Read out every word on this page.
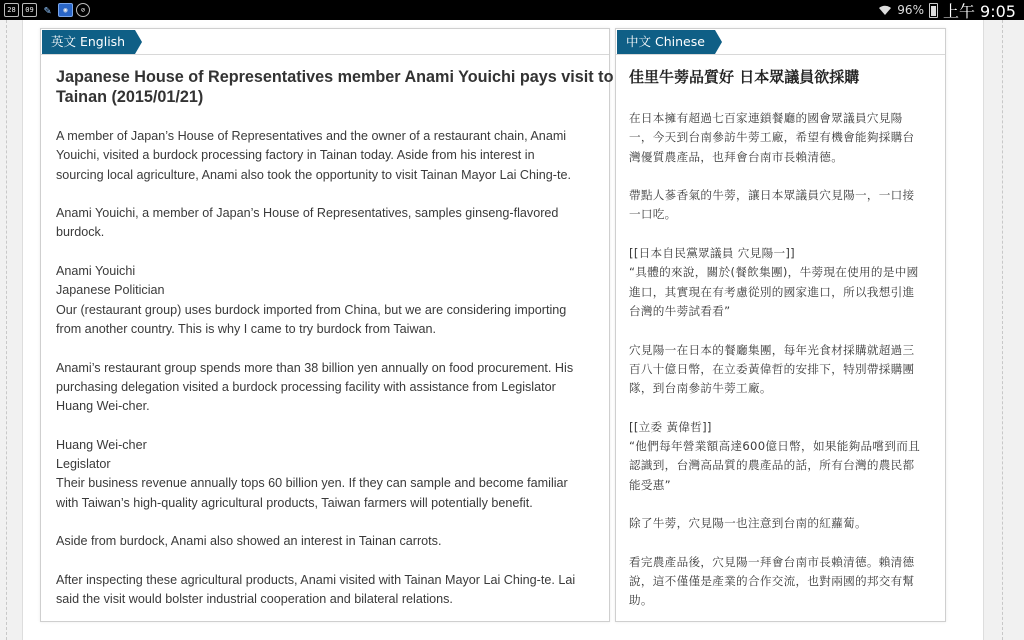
28	09 ✎	◉	⊘	96% 上午 9:05
英文 English
Japanese House of Representatives member Anami Youichi pays visit to
Tainan (2015/01/21)

A member of Japan’s House of Representatives and the owner of a restaurant chain, Anami
Youichi, visited a burdock processing factory in Tainan today. Aside from his interest in
sourcing local agriculture, Anami also took the opportunity to visit Tainan Mayor Lai Ching-te.

Anami Youichi, a member of Japan’s House of Representatives, samples ginseng-flavored
burdock.

Anami Youichi
Japanese Politician
Our (restaurant group) uses burdock imported from China, but we are considering importing
from another country. This is why I came to try burdock from Taiwan.

Anami’s restaurant group spends more than 38 billion yen annually on food procurement. His
purchasing delegation visited a burdock processing facility with assistance from Legislator
Huang Wei-cher.

Huang Wei-cher
Legislator
Their business revenue annually tops 60 billion yen. If they can sample and become familiar
with Taiwan’s high-quality agricultural products, Taiwan farmers will potentially benefit.

Aside from burdock, Anami also showed an interest in Tainan carrots.

After inspecting these agricultural products, Anami visited with Tainan Mayor Lai Ching-te. Lai
said the visit would bolster industrial cooperation and bilateral relations.

中文 Chinese
佳里牛蒡品質好 日本眾議員欲採購

在日本擁有超過七百家連鎖餐廳的國會眾議員穴見陽
一，今天到台南參訪牛蒡工廠，希望有機會能夠採購台
灣優質農產品，也拜會台南市長賴清德。

帶點人蔘香氣的牛蒡，讓日本眾議員穴見陽一，一口接
一口吃。

[[日本自民黨眾議員 穴見陽一]]
“具體的來說，關於(餐飲集團)，牛蒡現在使用的是中國
進口，其實現在有考慮從別的國家進口，所以我想引進
台灣的牛蒡試看看”

穴見陽一在日本的餐廳集團，每年光食材採購就超過三
百八十億日幣，在立委黃偉哲的安排下，特別帶採購團
隊，到台南參訪牛蒡工廠。

[[立委 黃偉哲]]
“他們每年營業額高達600億日幣，如果能夠品嚐到而且
認識到，台灣高品質的農產品的話，所有台灣的農民都
能受惠”

除了牛蒡，穴見陽一也注意到台南的紅蘿蔔。

看完農產品後，穴見陽一拜會台南市長賴清德。賴清德
說，這不僅僅是產業的合作交流，也對兩國的邦交有幫
助。
